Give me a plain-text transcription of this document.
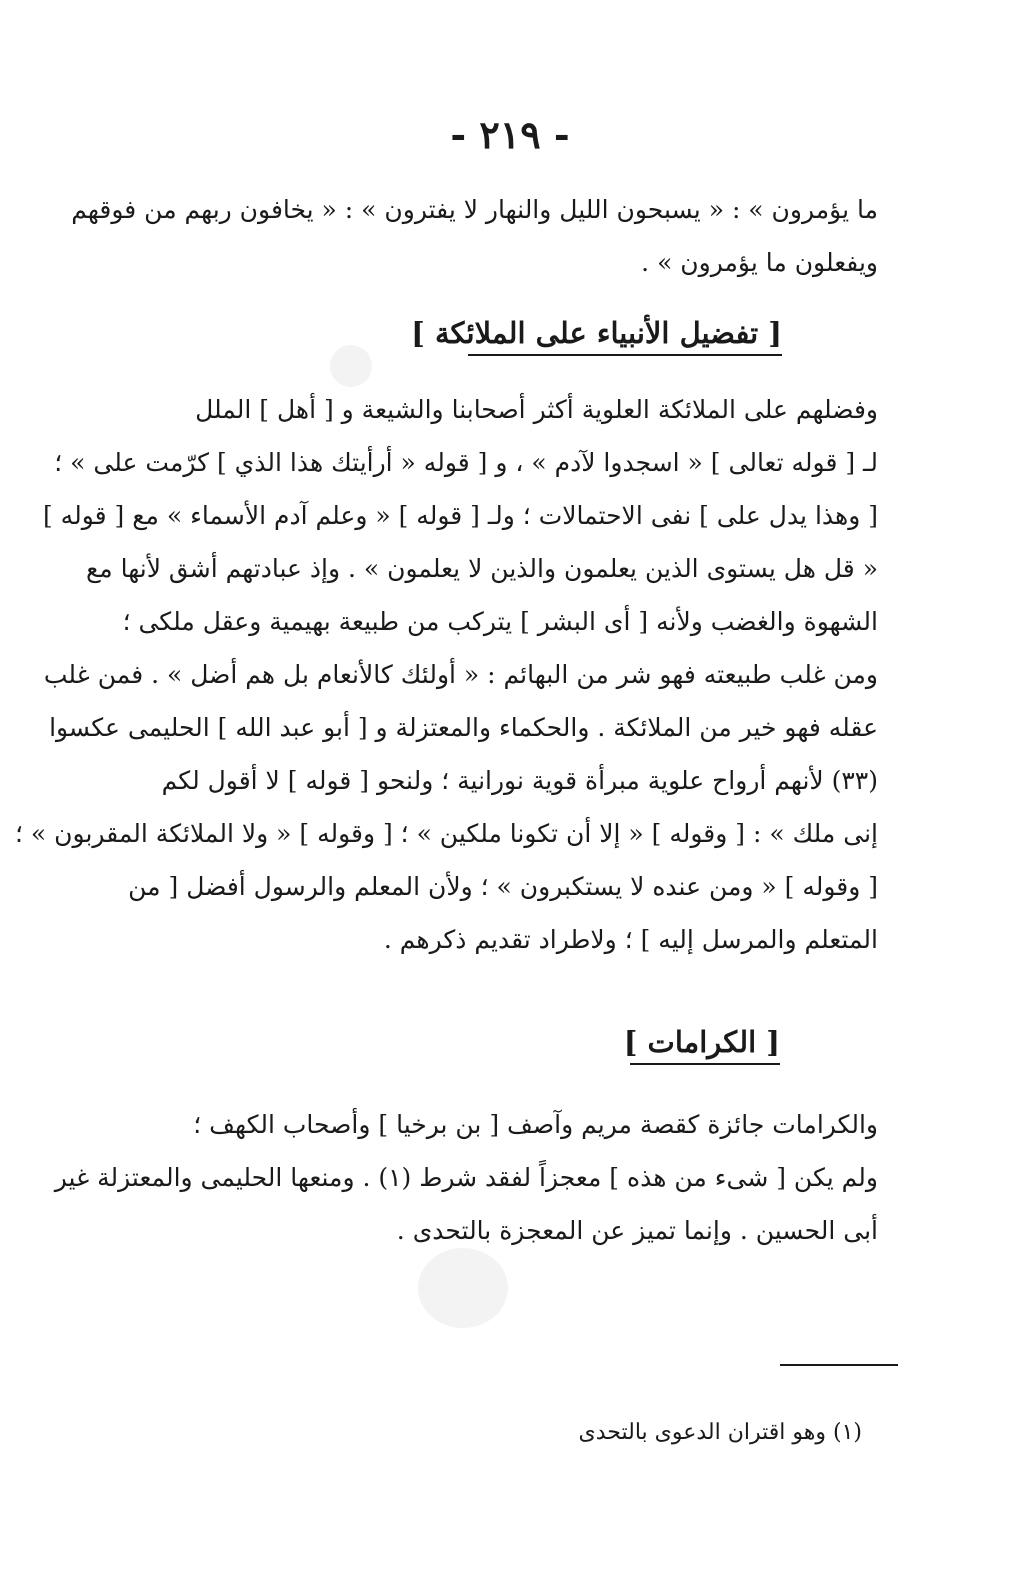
- ٢١٩ -
ما يؤمرون » : « يسبحون الليل والنهار لا يفترون » : « يخافون ربهم من فوقهم
ويفعلون ما يؤمرون » .
[ تفضيل الأنبياء على الملائكة ]
وفضلهم على الملائكة العلوية أكثر أصحابنا والشيعة و [ أهل ] الملل
لـ [ قوله تعالى ] « اسجدوا لآدم » ، و [ قوله « أرأيتك هذا الذي ] كرّمت على » ؛
[ وهذا يدل على ] نفى الاحتمالات ؛ ولـ [ قوله ] « وعلم آدم الأسماء » مع [ قوله ]
« قل هل يستوى الذين يعلمون والذين لا يعلمون » . وإذ عبادتهم أشق لأنها مع
الشهوة والغضب ولأنه [ أى البشر ] يتركب من طبيعة بهيمية وعقل ملكى ؛
ومن غلب طبيعته فهو شر من البهائم : « أولئك كالأنعام بل هم أضل » . فمن غلب
عقله فهو خير من الملائكة . والحكماء والمعتزلة و [ أبو عبد الله ] الحليمى عكسوا
(٣٣) لأنهم أرواح علوية مبرأة قوية نورانية ؛ ولنحو [ قوله ] لا أقول لكم
إنى ملك » : [ وقوله ] « إلا أن تكونا ملكين » ؛ [ وقوله ] « ولا الملائكة المقربون » ؛
[ وقوله ] « ومن عنده لا يستكبرون » ؛ ولأن المعلم والرسول أفضل [ من
المتعلم والمرسل إليه ] ؛ ولاطراد تقديم ذكرهم .
[ الكرامات ]
والكرامات جائزة كقصة مريم وآصف [ بن برخيا ] وأصحاب الكهف ؛
ولم يكن [ شىء من هذه ] معجزاً لفقد شرط (١) . ومنعها الحليمى والمعتزلة غير
أبى الحسين . وإنما تميز عن المعجزة بالتحدى .
(١) وهو اقتران الدعوى بالتحدى
